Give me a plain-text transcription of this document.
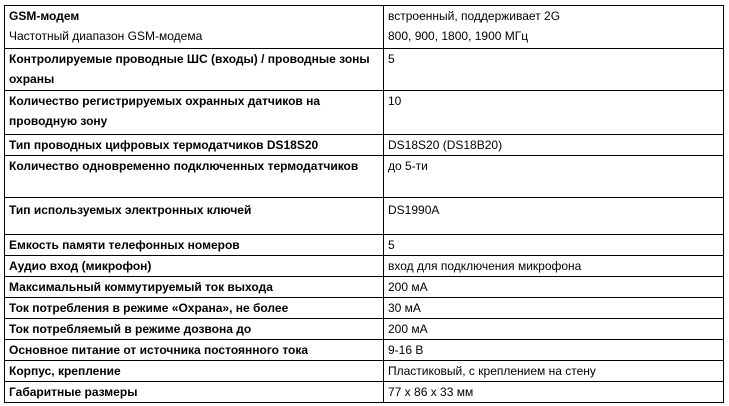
GSM-модем	встроенный, поддерживает 2G

Частотный диапазон GSM-модема	800, 900, 1800, 1900 МГц

Контролируемые проводные ШС (входы) / проводные зоны охраны	5

Количество регистрируемых охранных датчиков на проводную зону	10

Тип проводных цифровых термодатчиков DS18S20	DS18S20 (DS18B20)

Количество одновременно подключенных термодатчиков	до 5-ти

Тип используемых электронных ключей	DS1990A

Емкость памяти телефонных номеров	5

Аудио вход (микрофон)	вход для подключения микрофона

Максимальный коммутируемый ток выхода	200 мА

Ток потребления в режиме «Охрана», не более	30 мА

Ток потребляемый в режиме дозвона до	200 мА

Основное питание от источника постоянного тока	9-16 В

Корпус, крепление	Пластиковый, с креплением на стену

Габаритные размеры	77 х 86 х 33 мм
